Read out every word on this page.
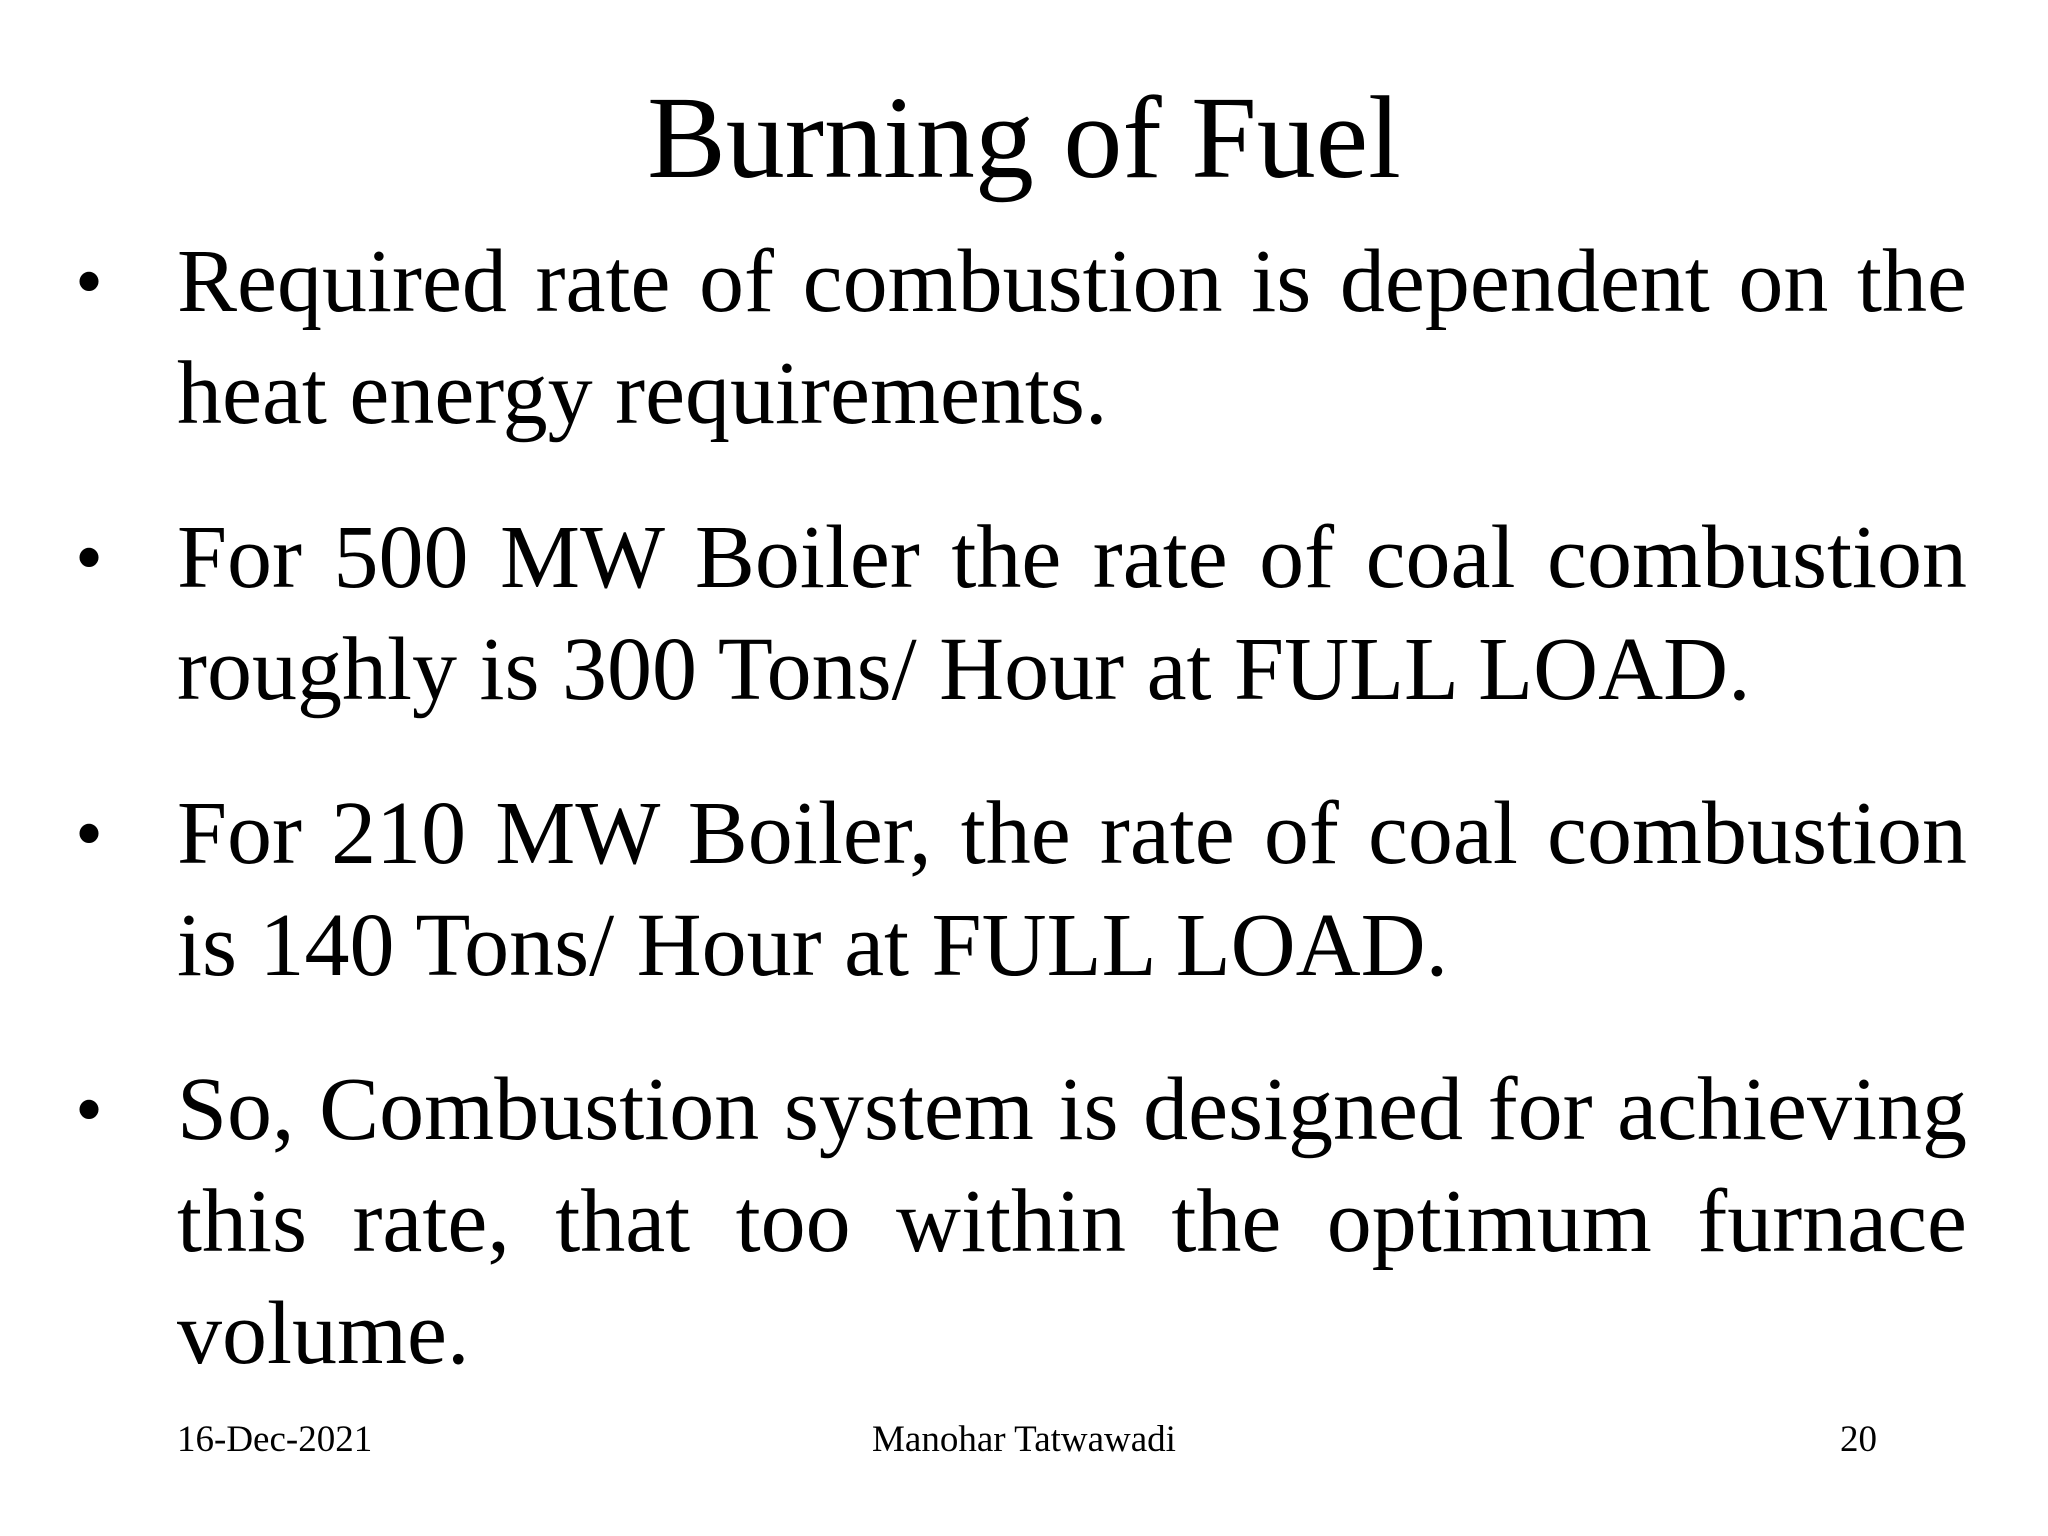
Burning of Fuel
• Required rate of combustion is dependent on the heat energy requirements.

• For 500 MW Boiler the rate of coal combustion roughly is 300 Tons/ Hour at FULL LOAD.

• For 210 MW Boiler, the rate of coal combustion is 140 Tons/ Hour at FULL LOAD.

• So, Combustion system is designed for achieving this rate, that too within the optimum furnace volume.

16-Dec-2021	Manohar Tatwawadi	20
